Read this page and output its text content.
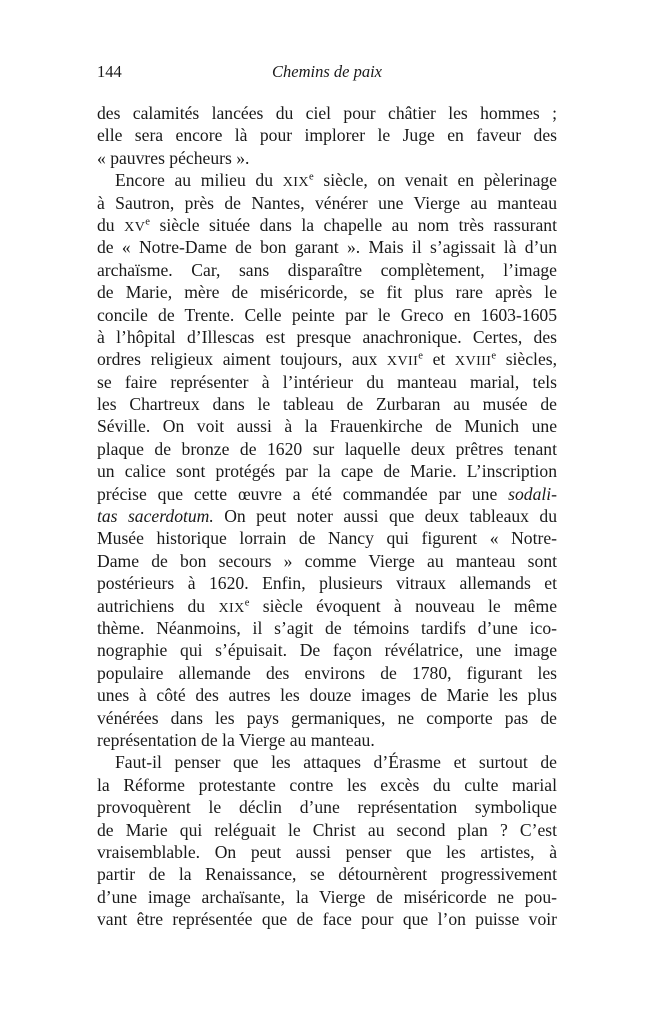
144	Chemins de paix
des calamités lancées du ciel pour châtier les hommes ;
elle sera encore là pour implorer le Juge en faveur des
« pauvres pécheurs ».
Encore au milieu du XIXe siècle, on venait en pèlerinage
à Sautron, près de Nantes, vénérer une Vierge au manteau
du XVe siècle située dans la chapelle au nom très rassurant
de « Notre-Dame de bon garant ». Mais il s’agissait là d’un
archaïsme. Car, sans disparaître complètement, l’image
de Marie, mère de miséricorde, se fit plus rare après le
concile de Trente. Celle peinte par le Greco en 1603-1605
à l’hôpital d’Illescas est presque anachronique. Certes, des
ordres religieux aiment toujours, aux XVIIe et XVIIIe siècles,
se faire représenter à l’intérieur du manteau marial, tels
les Chartreux dans le tableau de Zurbaran au musée de
Séville. On voit aussi à la Frauenkirche de Munich une
plaque de bronze de 1620 sur laquelle deux prêtres tenant
un calice sont protégés par la cape de Marie. L’inscription
précise que cette œuvre a été commandée par une sodali-
tas sacerdotum. On peut noter aussi que deux tableaux du
Musée historique lorrain de Nancy qui figurent « Notre-
Dame de bon secours » comme Vierge au manteau sont
postérieurs à 1620. Enfin, plusieurs vitraux allemands et
autrichiens du XIXe siècle évoquent à nouveau le même
thème. Néanmoins, il s’agit de témoins tardifs d’une ico-
nographie qui s’épuisait. De façon révélatrice, une image
populaire allemande des environs de 1780, figurant les
unes à côté des autres les douze images de Marie les plus
vénérées dans les pays germaniques, ne comporte pas de
représentation de la Vierge au manteau.
Faut-il penser que les attaques d’Érasme et surtout de
la Réforme protestante contre les excès du culte marial
provoquèrent le déclin d’une représentation symbolique
de Marie qui reléguait le Christ au second plan ? C’est
vraisemblable. On peut aussi penser que les artistes, à
partir de la Renaissance, se détournèrent progressivement
d’une image archaïsante, la Vierge de miséricorde ne pou-
vant être représentée que de face pour que l’on puisse voir
